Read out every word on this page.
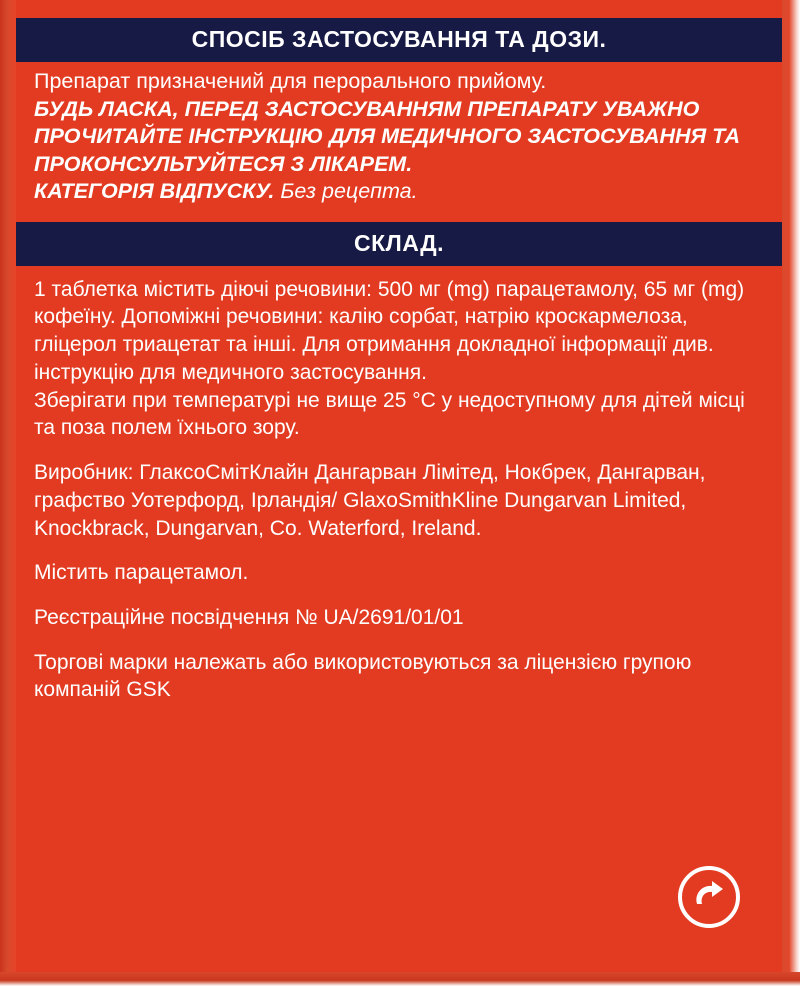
СПОСІБ ЗАСТОСУВАННЯ ТА ДОЗИ.

Препарат призначений для перорального прийому.

БУДЬ ЛАСКА, ПЕРЕД ЗАСТОСУВАННЯМ ПРЕПАРАТУ УВАЖНО ПРОЧИТАЙТЕ ІНСТРУКЦІЮ ДЛЯ МЕДИЧНОГО ЗАСТОСУВАННЯ ТА ПРОКОНСУЛЬТУЙТЕСЯ З ЛІКАРЕМ.

КАТЕГОРІЯ ВІДПУСКУ. Без рецепта.

СКЛАД.

1 таблетка містить діючі речовини: 500 мг (mg) парацетамолу, 65 мг (mg) кофеїну. Допоміжні речовини: калію сорбат, натрію кроскармелоза, гліцерол триацетат та інші. Для отримання докладної інформації див. інструкцію для медичного застосування.

Зберігати при температурі не вище 25 °С у недоступному для дітей місці та поза полем їхнього зору.

Виробник: ГлаксоСмітКлайн Дангарван Лімітед, Нокбрек, Дангарван, графство Уотерфорд, Ірландія/ GlaxoSmithKline Dungarvan Limited, Knockbrack, Dungarvan, Co. Waterford, Ireland.

Містить парацетамол.

Реєстраційне посвідчення № UA/2691/01/01

Торгові марки належать або використовуються за ліцензією групою компаній GSK
